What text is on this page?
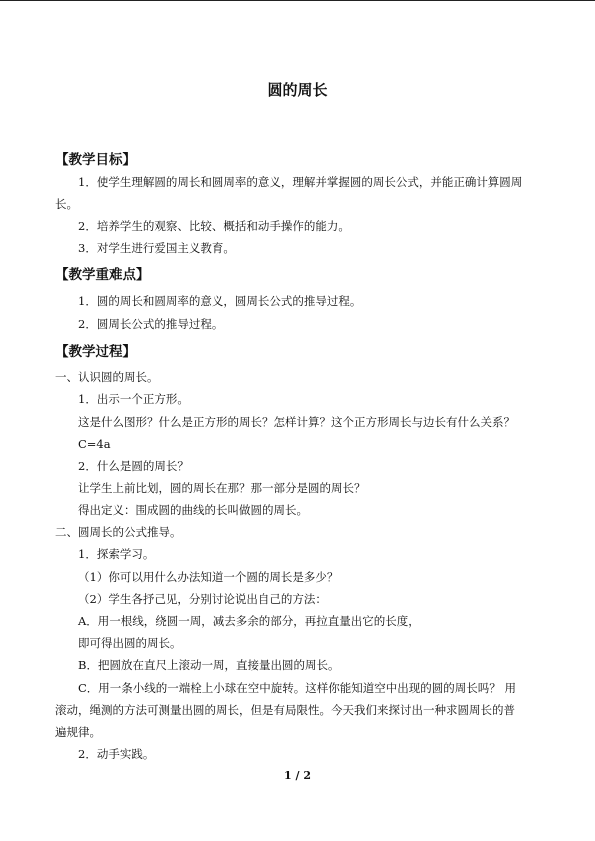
圆的周长
【教学目标】
1．使学生理解圆的周长和圆周率的意义，理解并掌握圆的周长公式，并能正确计算圆周
长。
2．培养学生的观察、比较、概括和动手操作的能力。
3．对学生进行爱国主义教育。
【教学重难点】
1．圆的周长和圆周率的意义，圆周长公式的推导过程。
2．圆周长公式的推导过程。
【教学过程】
一、认识圆的周长。
1．出示一个正方形。
这是什么图形？什么是正方形的周长？怎样计算？这个正方形周长与边长有什么关系？
C=4a
2．什么是圆的周长？
让学生上前比划，圆的周长在那？那一部分是圆的周长？
得出定义：围成圆的曲线的长叫做圆的周长。
二、圆周长的公式推导。
1．探索学习。
（1）你可以用什么办法知道一个圆的周长是多少？
（2）学生各抒己见，分别讨论说出自己的方法：
A．用一根线，绕圆一周，减去多余的部分，再拉直量出它的长度，
即可得出圆的周长。
B．把圆放在直尺上滚动一周，直接量出圆的周长。
C．用一条小线的一端栓上小球在空中旋转。这样你能知道空中出现的圆的周长吗？ 用
滚动，绳测的方法可测量出圆的周长，但是有局限性。今天我们来探讨出一种求圆周长的普
遍规律。
2．动手实践。
1 / 2
